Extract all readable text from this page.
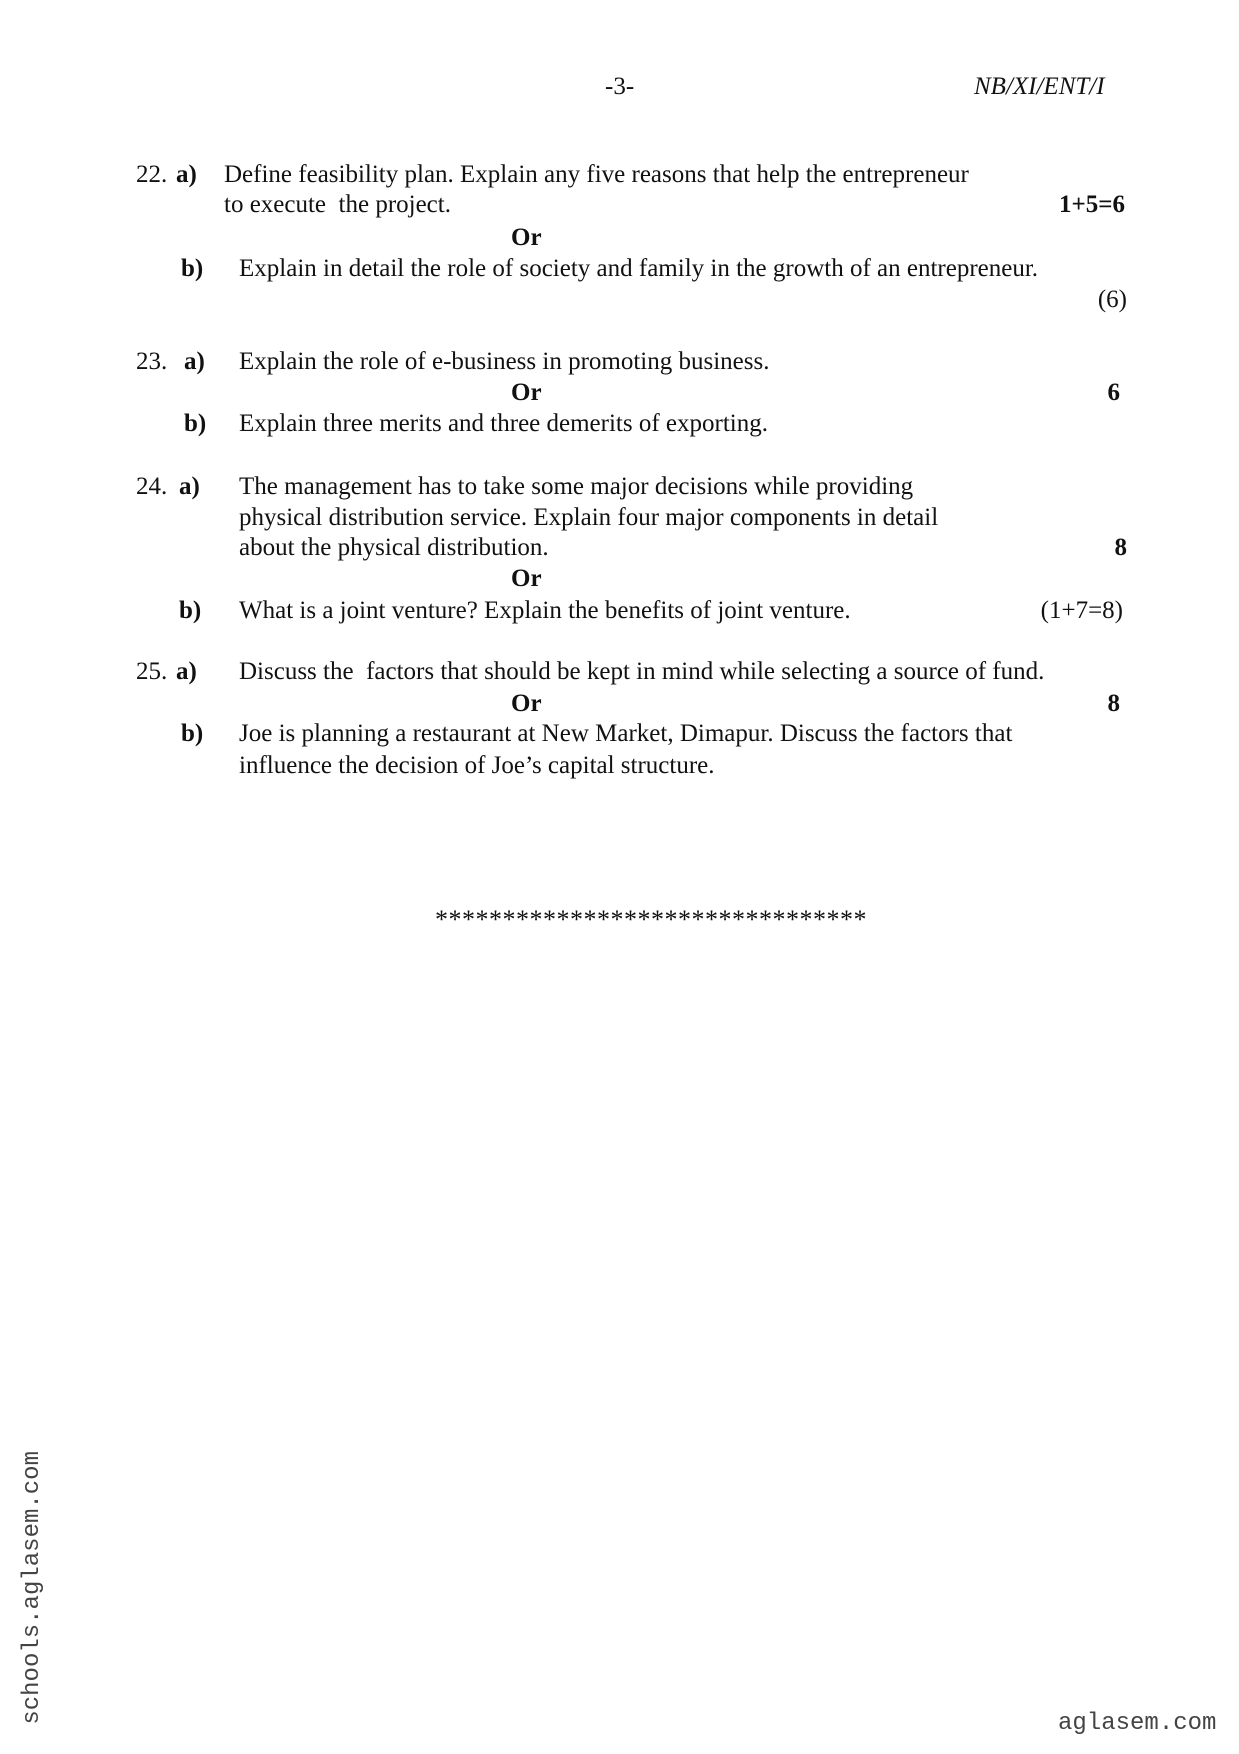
-3-	NB/XI/ENT/I
22. a) Define feasibility plan. Explain any five reasons that help the entrepreneur
to execute  the project.	1+5=6
Or
b) Explain in detail the role of society and family in the growth of an entrepreneur.
(6)
23. a) Explain the role of e-business in promoting business.
Or	6
b) Explain three merits and three demerits of exporting.
24. a) The management has to take some major decisions while providing
physical distribution service. Explain four major components in detail
about the physical distribution.	8
Or
b) What is a joint venture? Explain the benefits of joint venture.	(1+7=8)
25. a) Discuss the  factors that should be kept in mind while selecting a source of fund.
Or	8
b) Joe is planning a restaurant at New Market, Dimapur. Discuss the factors that
influence the decision of Joe’s capital structure.
********************************
schools.aglasem.com	aglasem.com
